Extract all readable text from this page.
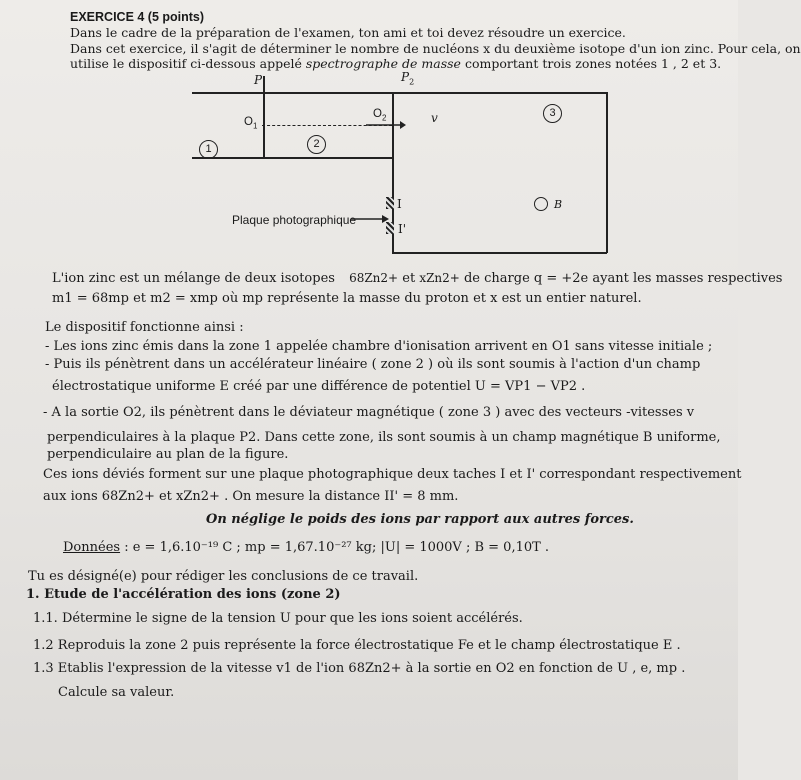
EXERCICE 4 (5 points)
Dans le cadre de la préparation de l'examen, ton ami et toi devez résoudre un exercice.
Dans cet exercice, il s'agit de déterminer le nombre de nucléons x du deuxième isotope d'un ion zinc. Pour cela, on
utilise le dispositif ci-dessous appelé spectrographe de masse comportant trois zones notées 1 , 2 et 3.
P	$P_2$
$O_1$
$O_2$	v
1	2
3
B
I
I'
Plaque photographique
L'ion zinc est un mélange de deux isotopes 68Zn2+ et xZn2+ de charge q = +2e ayant les masses respectives
m1 = 68mp et m2 = xmp où mp représente la masse du proton et x est un entier naturel.
Le dispositif fonctionne ainsi :
- Les ions zinc émis dans la zone 1 appelée chambre d'ionisation arrivent en O1 sans vitesse initiale ;
- Puis ils pénètrent dans un accélérateur linéaire ( zone 2 ) où ils sont soumis à l'action d'un champ
électrostatique uniforme E créé par une différence de potentiel U = VP1 − VP2 .
- A la sortie O2, ils pénètrent dans le déviateur magnétique ( zone 3 ) avec des vecteurs -vitesses v
perpendiculaires à la plaque P2. Dans cette zone, ils sont soumis à un champ magnétique B uniforme,
perpendiculaire au plan de la figure.
Ces ions déviés forment sur une plaque photographique deux taches I et I' correspondant respectivement
aux ions 68Zn2+ et xZn2+ . On mesure la distance II' = 8 mm.
On néglige le poids des ions par rapport aux autres forces.
Données : e = 1,6.10⁻¹⁹ C ; mp = 1,67.10⁻²⁷ kg; |U| = 1000V ; B = 0,10T .
Tu es désigné(e) pour rédiger les conclusions de ce travail.
1. Etude de l'accélération des ions (zone 2)
1.1. Détermine le signe de la tension U pour que les ions soient accélérés.
1.2 Reproduis la zone 2 puis représente la force électrostatique Fe et le champ électrostatique E .
1.3 Etablis l'expression de la vitesse v1 de l'ion 68Zn2+ à la sortie en O2 en fonction de U , e, mp .
Calcule sa valeur.
